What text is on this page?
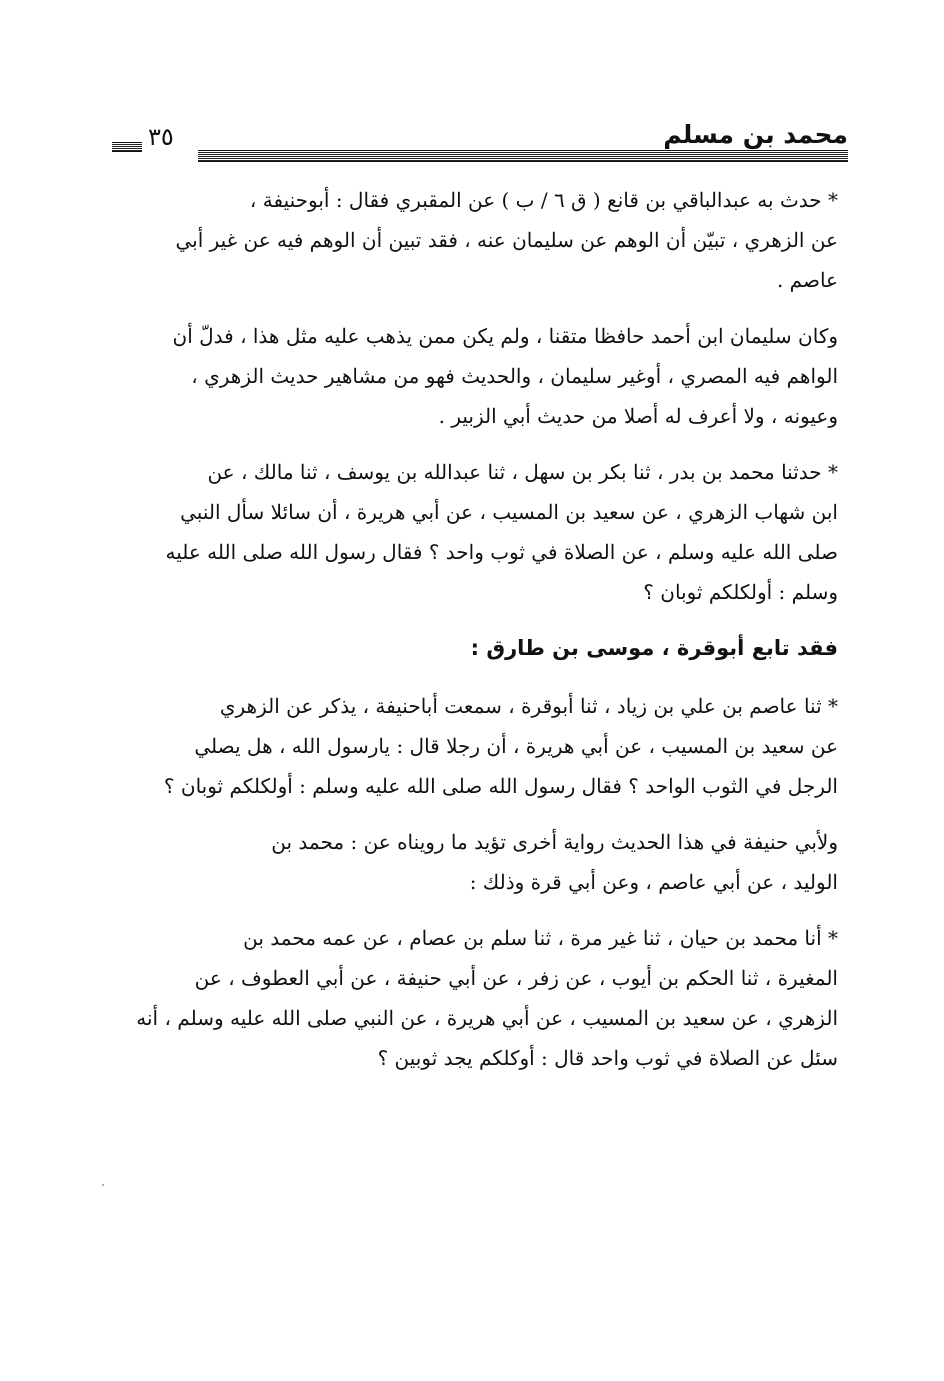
٣٥	محمد بن مسلم
* حدث به عبدالباقي بن قانع ( ق ٦ / ب ) عن المقبري فقال : أبوحنيفة ،
عن الزهري ، تبيّن أن الوهم عن سليمان عنه ، فقد تبين أن الوهم فيه عن غير أبي
عاصم .
وكان سليمان ابن أحمد حافظا متقنا ، ولم يكن ممن يذهب عليه مثل هذا ، فدلّ أن
الواهم فيه المصري ، أوغير سليمان ، والحديث فهو من مشاهير حديث الزهري ،
وعيونه ، ولا أعرف له أصلا من حديث أبي الزبير .
* حدثنا محمد بن بدر ، ثنا بكر بن سهل ، ثنا عبدالله بن يوسف ، ثنا مالك ، عن
ابن شهاب الزهري ، عن سعيد بن المسيب ، عن أبي هريرة ، أن سائلا سأل النبي
صلى الله عليه وسلم ، عن الصلاة في ثوب واحد ؟ فقال رسول الله صلى الله عليه
وسلم : أولكلكم ثوبان ؟
فقد تابع أبوقرة ، موسى بن طارق :
* ثنا عاصم بن علي بن زياد ، ثنا أبوقرة ، سمعت أباحنيفة ، يذكر عن الزهري
عن سعيد بن المسيب ، عن أبي هريرة ، أن رجلا قال : يارسول الله ، هل يصلي
الرجل في الثوب الواحد ؟ فقال رسول الله صلى الله عليه وسلم : أولكلكم ثوبان ؟
ولأبي حنيفة في هذا الحديث رواية أخرى تؤيد ما رويناه عن : محمد بن
الوليد ، عن أبي عاصم ، وعن أبي قرة وذلك :
* أنا محمد بن حيان ، ثنا غير مرة ، ثنا سلم بن عصام ، عن عمه محمد بن
المغيرة ، ثنا الحكم بن أيوب ، عن زفر ، عن أبي حنيفة ، عن أبي العطوف ، عن
الزهري ، عن سعيد بن المسيب ، عن أبي هريرة ، عن النبي صلى الله عليه وسلم ، أنه
سئل عن الصلاة في ثوب واحد قال : أوكلكم يجد ثوبين ؟
